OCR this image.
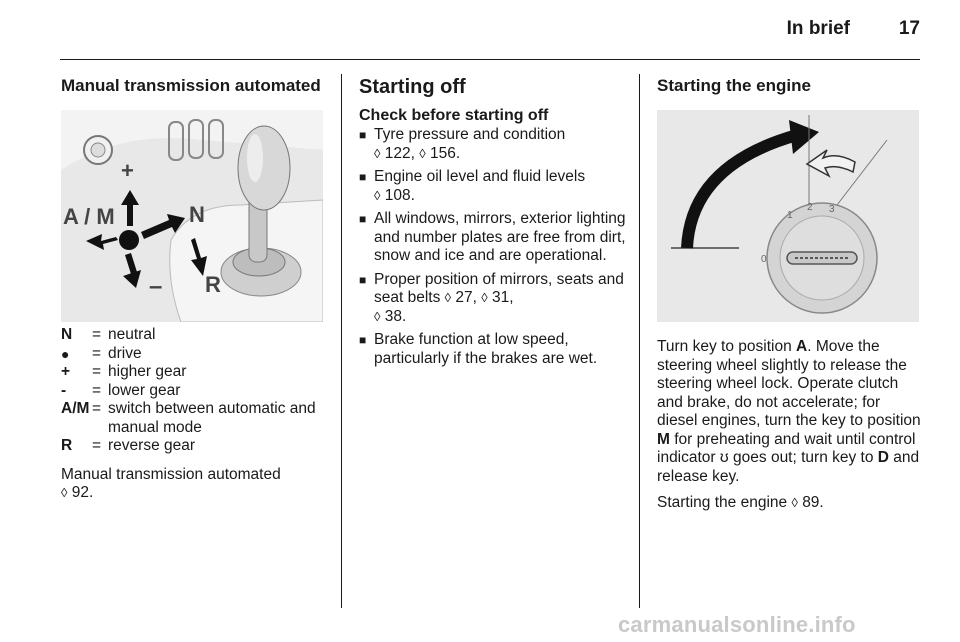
In brief	17
Manual transmission automated
+
A / M	N
R
–
N	= neutral
●	= drive
+	= higher gear
-	= lower gear
A/M = switch between automatic and manual mode
R	= reverse gear

Manual transmission automated
◊ 92.

Starting off
Check before starting off
■ Tyre pressure and condition
◊ 122, ◊ 156.
■ Engine oil level and fluid levels
◊ 108.
■ All windows, mirrors, exterior lighting and number plates are free from dirt, snow and ice and are operational.
■ Proper position of mirrors, seats and seat belts ◊ 27, ◊ 31,
◊ 38.
■ Brake function at low speed, particularly if the brakes are wet.
Starting the engine
0
1
2 3

Turn key to position A. Move the steering wheel slightly to release the steering wheel lock. Operate clutch and brake, do not accelerate; for diesel engines, turn the key to position M for preheating and wait until control indicator ʊ goes out; turn key to D and release key.

Starting the engine ◊ 89.

carmanualsonline.info
